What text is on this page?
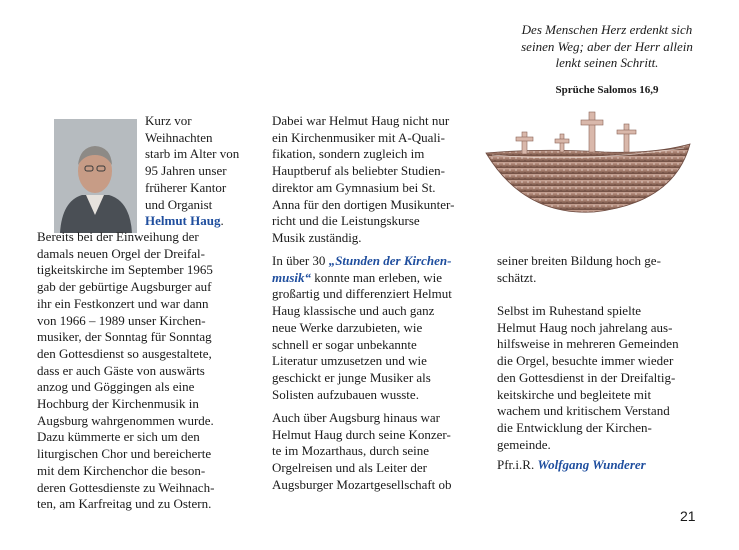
Des Menschen Herz erdenkt sich
seinen Weg; aber der Herr allein
lenkt seinen Schritt.
Sprüche Salomos 16,9
Kurz vor
Weihnachten
starb im Alter von
95 Jahren unser
früherer Kantor
und Organist
Helmut Haug.
Bereits bei der Einweihung der
damals neuen Orgel der Dreifal-
tigkeitskirche im September 1965
gab der gebürtige Augsburger auf
ihr ein Festkonzert und war dann
von 1966 – 1989 unser Kirchen-
musiker, der Sonntag für Sonntag
den Gottesdienst so ausgestaltete,
dass er auch Gäste von auswärts
anzog und Göggingen als eine
Hochburg der Kirchenmusik in
Augsburg wahrgenommen wurde.
Dazu kümmerte er sich um den
liturgischen Chor und bereicherte
mit dem Kirchenchor die beson-
deren Gottesdienste zu Weihnach-
ten, am Karfreitag und zu Ostern.
Dabei war Helmut Haug nicht nur
ein Kirchenmusiker mit A-Quali-
fikation, sondern zugleich im
Hauptberuf als beliebter Studien-
direktor am Gymnasium bei St.
Anna für den dortigen Musikunter-
richt und die Leistungskurse
Musik zuständig.
In über 30 „Stunden der Kirchen-
musik“ konnte man erleben, wie
großartig und differenziert Helmut
Haug klassische und auch ganz
neue Werke darzubieten, wie
schnell er sogar unbekannte
Literatur umzusetzen und wie
geschickt er junge Musiker als
Solisten aufzubauen wusste.
Auch über Augsburg hinaus war
Helmut Haug durch seine Konzer-
te im Mozarthaus, durch seine
Orgelreisen und als Leiter der
Augsburger Mozartgesellschaft ob
seiner breiten Bildung hoch ge-
schätzt.
Selbst im Ruhestand spielte
Helmut Haug noch jahrelang aus-
hilfsweise in mehreren Gemeinden
die Orgel, besuchte immer wieder
den Gottesdienst in der Dreifaltig-
keitskirche und begleitete mit
wachem und kritischem Verstand
die Entwicklung der Kirchen-
gemeinde.
Pfr.i.R. Wolfgang Wunderer
21
